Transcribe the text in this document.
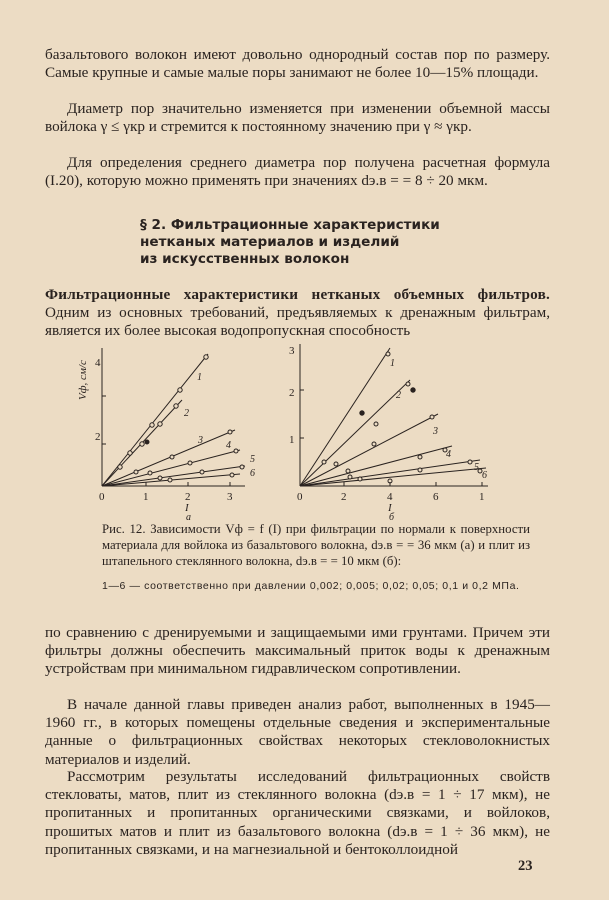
базальтового волокон имеют довольно однородный состав пор по размеру. Самые крупные и самые малые поры занимают не более 10—15% площади.

Диаметр пор значительно изменяется при изменении объемной массы войлока γ ≤ γкр и стремится к постоянному значению при γ ≈ γкр.

Для определения среднего диаметра пор получена расчетная формула (I.20), которую можно применять при значениях dэ.в = = 8 ÷ 20 мкм.

§ 2. Фильтрационные характеристики
нетканых материалов и изделий
из искусственных волокон

Фильтрационные характеристики нетканых объемных фильтров. Одним из основных требований, предъявляемых к дренажным фильтрам, является их более высокая водопропускная способность

Vф, см/с
2
4
0	1	2	3
I
а
1
2
3 4
5
6
3
2
1
0	2	4	6	1
I
б
1
2
3
4
5
6

Рис. 12. Зависимости Vф = f (I) при фильтрации по нормали к поверхности материала для войлока из базальтового волокна, dэ.в = = 36 мкм (а) и плит из штапельного стеклянного волокна, dэ.в = = 10 мкм (б):

1—6 — соответственно при давлении 0,002; 0,005; 0,02; 0,05; 0,1 и 0,2 МПа.

по сравнению с дренируемыми и защищаемыми ими грунтами. Причем эти фильтры должны обеспечить максимальный приток воды к дренажным устройствам при минимальном гидравлическом сопротивлении.

В начале данной главы приведен анализ работ, выполненных в 1945—1960 гг., в которых помещены отдельные сведения и экспериментальные данные о фильтрационных свойствах некоторых стекловолокнистых материалов и изделий.

Рассмотрим результаты исследований фильтрационных свойств стекловаты, матов, плит из стеклянного волокна (dэ.в = 1 ÷ 17 мкм), не пропитанных и пропитанных органическими связками, и войлоков, прошитых матов и плит из базальтового волокна (dэ.в = 1 ÷ 36 мкм), не пропитанных связками, и на магнезиальной и бентоколлоидной

23
